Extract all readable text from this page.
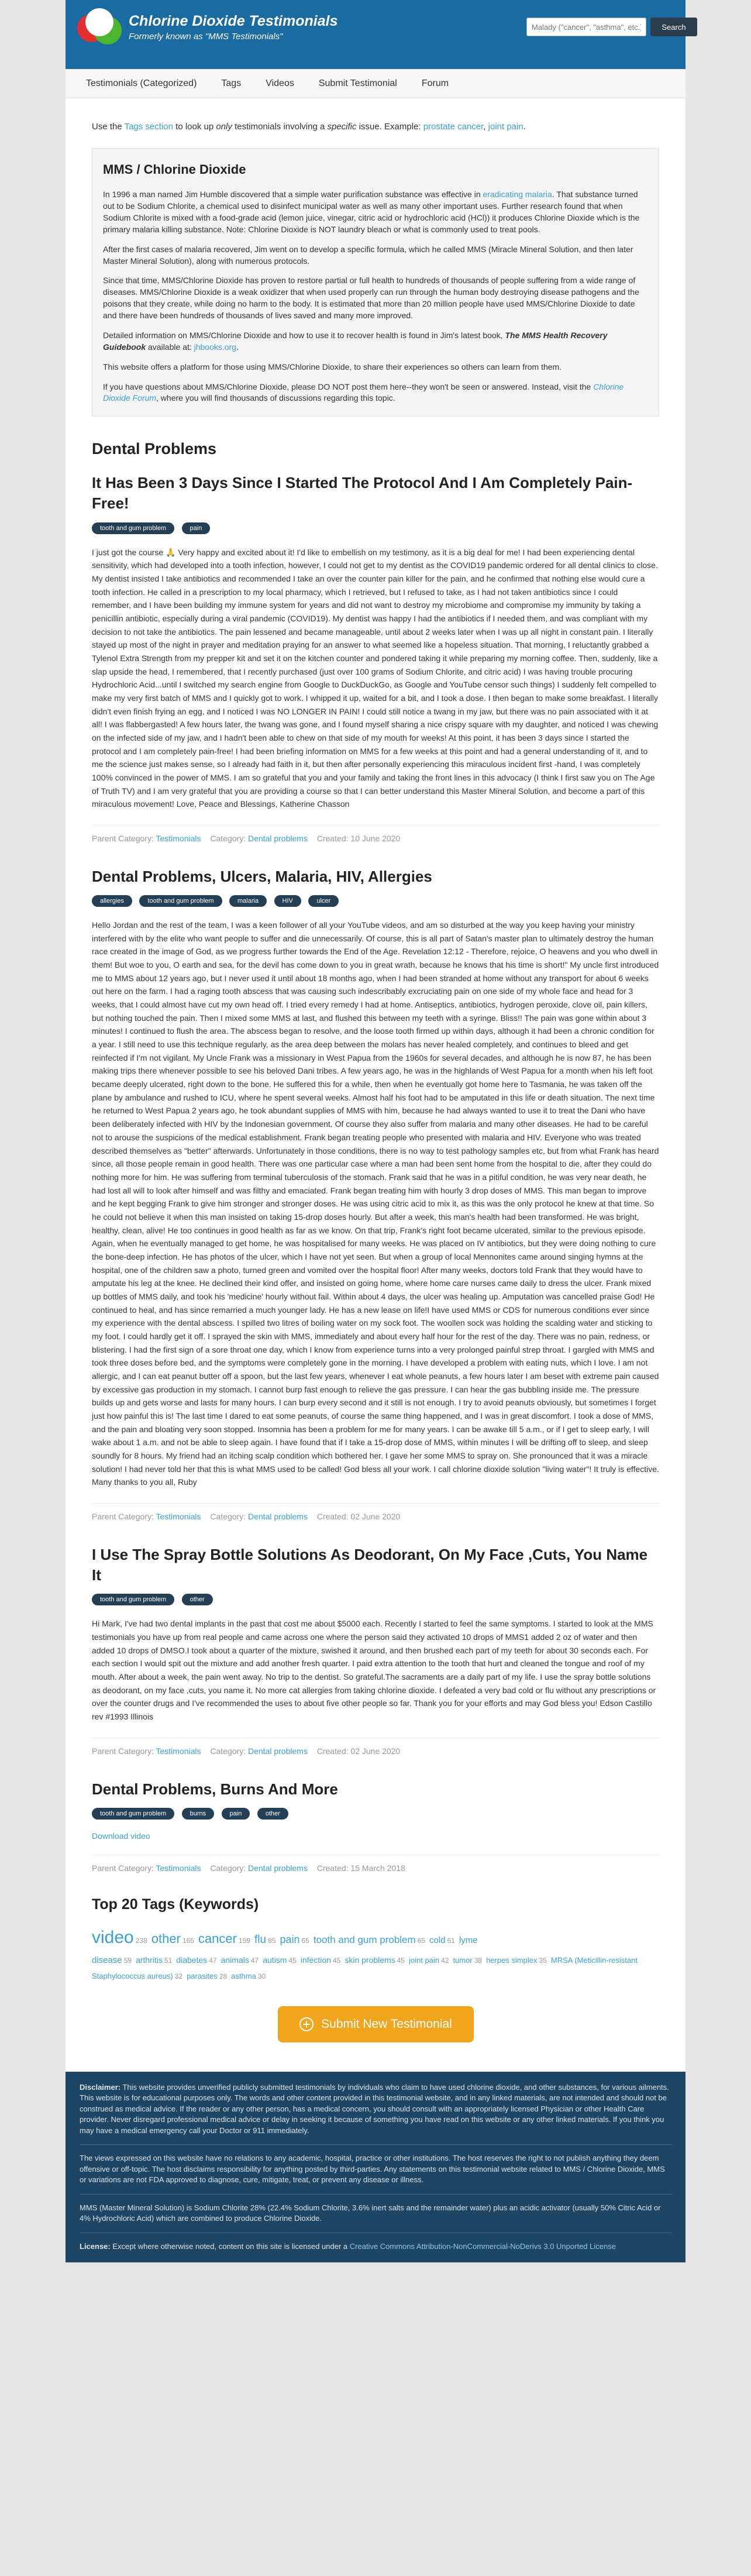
Chlorine Dioxide Testimonials
Formerly known as "MMS Testimonials"
Malady ("cancer", "asthma", etc.)
Search
Testimonials (Categorized)	Tags	Videos	Submit Testimonial	Forum

Use the Tags section to look up only testimonials involving a specific issue. Example: prostate cancer, joint pain.

MMS / Chlorine Dioxide

In 1996 a man named Jim Humble discovered that a simple water purification substance was effective in eradicating malaria. That substance turned out to be Sodium Chlorite, a chemical used to disinfect municipal water as well as many other important uses. Further research found that when Sodium Chlorite is mixed with a food-grade acid (lemon juice, vinegar, citric acid or hydrochloric acid (HCl)) it produces Chlorine Dioxide which is the primary malaria killing substance. Note: Chlorine Dioxide is NOT laundry bleach or what is commonly used to treat pools.

After the first cases of malaria recovered, Jim went on to develop a specific formula, which he called MMS (Miracle Mineral Solution, and then later Master Mineral Solution), along with numerous protocols.

Since that time, MMS/Chlorine Dioxide has proven to restore partial or full health to hundreds of thousands of people suffering from a wide range of diseases. MMS/Chlorine Dioxide is a weak oxidizer that when used properly can run through the human body destroying disease pathogens and the poisons that they create, while doing no harm to the body. It is estimated that more than 20 million people have used MMS/Chlorine Dioxide to date and there have been hundreds of thousands of lives saved and many more improved.

Detailed information on MMS/Chlorine Dioxide and how to use it to recover health is found in Jim's latest book, The MMS Health Recovery Guidebook available at: jhbooks.org.

This website offers a platform for those using MMS/Chlorine Dioxide, to share their experiences so others can learn from them.

If you have questions about MMS/Chlorine Dioxide, please DO NOT post them here--they won't be seen or answered. Instead, visit the Chlorine Dioxide Forum, where you will find thousands of discussions regarding this topic.

Dental Problems
It Has Been 3 Days Since I Started The Protocol And I Am Completely Pain-Free!
tooth and gum problem	pain
I just got the course 🙏 Very happy and excited about it! I'd like to embellish on my testimony, as it is a big deal for me! I had been experiencing dental sensitivity, which had developed into a tooth infection, however, I could not get to my dentist as the COVID19 pandemic ordered for all dental clinics to close. My dentist insisted I take antibiotics and recommended I take an over the counter pain killer for the pain, and he confirmed that nothing else would cure a tooth infection. He called in a prescription to my local pharmacy, which I retrieved, but I refused to take, as I had not taken antibiotics since I could remember, and I have been building my immune system for years and did not want to destroy my microbiome and compromise my immunity by taking a penicillin antibiotic, especially during a viral pandemic (COVID19). My dentist was happy I had the antibiotics if I needed them, and was compliant with my decision to not take the antibiotics. The pain lessened and became manageable, until about 2 weeks later when I was up all night in constant pain. I literally stayed up most of the night in prayer and meditation praying for an answer to what seemed like a hopeless situation. That morning, I reluctantly grabbed a Tylenol Extra Strength from my prepper kit and set it on the kitchen counter and pondered taking it while preparing my morning coffee. Then, suddenly, like a slap upside the head, I remembered, that I recently purchased (just over 100 grams of Sodium Chlorite, and citric acid) I was having trouble procuring Hydrochloric Acid...until I switched my search engine from Google to DuckDuckGo, as Google and YouTube censor such things) I suddenly felt compelled to make my very first batch of MMS and I quickly got to work. I whipped it up, waited for a bit, and I took a dose. I then began to make some breakfast. I literally didn't even finish frying an egg, and I noticed I was NO LONGER IN PAIN! I could still notice a twang in my jaw, but there was no pain associated with it at all! I was flabbergasted! A few hours later, the twang was gone, and I found myself sharing a nice crispy square with my daughter, and noticed I was chewing on the infected side of my jaw, and I hadn't been able to chew on that side of my mouth for weeks! At this point, it has been 3 days since I started the protocol and I am completely pain-free! I had been briefing information on MMS for a few weeks at this point and had a general understanding of it, and to me the science just makes sense, so I already had faith in it, but then after personally experiencing this miraculous incident first -hand, I was completely 100% convinced in the power of MMS. I am so grateful that you and your family and taking the front lines in this advocacy (I think I first saw you on The Age of Truth TV) and I am very grateful that you are providing a course so that I can better understand this Master Mineral Solution, and become a part of this miraculous movement! Love, Peace and Blessings, Katherine Chasson
Parent Category: Testimonials Category: Dental problems Created: 10 June 2020
Dental Problems, Ulcers, Malaria, HIV, Allergies
allergies	tooth and gum problem	malaria	HIV	ulcer
Hello Jordan and the rest of the team, I was a keen follower of all your YouTube videos, and am so disturbed at the way you keep having your ministry interfered with by the elite who want people to suffer and die unnecessarily. Of course, this is all part of Satan's master plan to ultimately destroy the human race created in the image of God, as we progress further towards the End of the Age. Revelation 12:12 - Therefore, rejoice, O heavens and you who dwell in them! But woe to you, O earth and sea, for the devil has come down to you in great wrath, because he knows that his time is short!" My uncle first introduced me to MMS about 12 years ago, but I never used it until about 18 months ago, when I had been stranded at home without any transport for about 6 weeks out here on the farm. I had a raging tooth abscess that was causing such indescribably excruciating pain on one side of my whole face and head for 3 weeks, that I could almost have cut my own head off. I tried every remedy I had at home. Antiseptics, antibiotics, hydrogen peroxide, clove oil, pain killers, but nothing touched the pain. Then I mixed some MMS at last, and flushed this between my teeth with a syringe. Bliss!! The pain was gone within about 3 minutes! I continued to flush the area. The abscess began to resolve, and the loose tooth firmed up within days, although it had been a chronic condition for a year. I still need to use this technique regularly, as the area deep between the molars has never healed completely, and continues to bleed and get reinfected if I'm not vigilant. My Uncle Frank was a missionary in West Papua from the 1960s for several decades, and although he is now 87, he has been making trips there whenever possible to see his beloved Dani tribes. A few years ago, he was in the highlands of West Papua for a month when his left foot became deeply ulcerated, right down to the bone. He suffered this for a while, then when he eventually got home here to Tasmania, he was taken off the plane by ambulance and rushed to ICU, where he spent several weeks. Almost half his foot had to be amputated in this life or death situation. The next time he returned to West Papua 2 years ago, he took abundant supplies of MMS with him, because he had always wanted to use it to treat the Dani who have been deliberately infected with HIV by the Indonesian government. Of course they also suffer from malaria and many other diseases. He had to be careful not to arouse the suspicions of the medical establishment. Frank began treating people who presented with malaria and HIV. Everyone who was treated described themselves as "better" afterwards. Unfortunately in those conditions, there is no way to test pathology samples etc, but from what Frank has heard since, all those people remain in good health. There was one particular case where a man had been sent home from the hospital to die, after they could do nothing more for him. He was suffering from terminal tuberculosis of the stomach. Frank said that he was in a pitiful condition, he was very near death, he had lost all will to look after himself and was filthy and emaciated. Frank began treating him with hourly 3 drop doses of MMS. This man began to improve and he kept begging Frank to give him stronger and stronger doses. He was using citric acid to mix it, as this was the only protocol he knew at that time. So he could not believe it when this man insisted on taking 15-drop doses hourly. But after a week, this man's health had been transformed. He was bright, healthy, clean, alive! He too continues in good health as far as we know. On that trip, Frank's right foot became ulcerated, similar to the previous episode. Again, when he eventually managed to get home, he was hospitalised for many weeks. He was placed on IV antibiotics, but they were doing nothing to cure the bone-deep infection. He has photos of the ulcer, which I have not yet seen. But when a group of local Mennonites came around singing hymns at the hospital, one of the children saw a photo, turned green and vomited over the hospital floor! After many weeks, doctors told Frank that they would have to amputate his leg at the knee. He declined their kind offer, and insisted on going home, where home care nurses came daily to dress the ulcer. Frank mixed up bottles of MMS daily, and took his 'medicine' hourly without fail. Within about 4 days, the ulcer was healing up. Amputation was cancelled praise God! He continued to heal, and has since remarried a much younger lady. He has a new lease on life!I have used MMS or CDS for numerous conditions ever since my experience with the dental abscess. I spilled two litres of boiling water on my sock foot. The woollen sock was holding the scalding water and sticking to my foot. I could hardly get it off. I sprayed the skin with MMS, immediately and about every half hour for the rest of the day. There was no pain, redness, or blistering. I had the first sign of a sore throat one day, which I know from experience turns into a very prolonged painful strep throat. I gargled with MMS and took three doses before bed, and the symptoms were completely gone in the morning. I have developed a problem with eating nuts, which I love. I am not allergic, and I can eat peanut butter off a spoon, but the last few years, whenever I eat whole peanuts, a few hours later I am beset with extreme pain caused by excessive gas production in my stomach. I cannot burp fast enough to relieve the gas pressure. I can hear the gas bubbling inside me. The pressure builds up and gets worse and lasts for many hours. I can burp every second and it still is not enough. I try to avoid peanuts obviously, but sometimes I forget just how painful this is! The last time I dared to eat some peanuts, of course the same thing happened, and I was in great discomfort. I took a dose of MMS, and the pain and bloating very soon stopped. Insomnia has been a problem for me for many years. I can be awake till 5 a.m., or if I get to sleep early, I will wake about 1 a.m. and not be able to sleep again. I have found that if I take a 15-drop dose of MMS, within minutes I will be drifting off to sleep, and sleep soundly for 8 hours. My friend had an itching scalp condition which bothered her. I gave her some MMS to spray on. She pronounced that it was a miracle solution! I had never told her that this is what MMS used to be called! God bless all your work. I call chlorine dioxide solution "living water"! It truly is effective. Many thanks to you all, Ruby
Parent Category: Testimonials Category: Dental problems Created: 02 June 2020
I Use The Spray Bottle Solutions As Deodorant, On My Face ,Cuts, You Name It
tooth and gum problem	other
Hi Mark, I've had two dental implants in the past that cost me about $5000 each. Recently I started to feel the same symptoms. I started to look at the MMS testimonials you have up from real people and came across one where the person said they activated 10 drops of MMS1 added 2 oz of water and then added 10 drops of DMSO.I took about a quarter of the mixture, swished it around, and then brushed each part of my teeth for about 30 seconds each. For each section I would spit out the mixture and add another fresh quarter. I paid extra attention to the tooth that hurt and cleaned the tongue and roof of my mouth. After about a week, the pain went away. No trip to the dentist. So grateful.The sacraments are a daily part of my life. I use the spray bottle solutions as deodorant, on my face ,cuts, you name it. No more cat allergies from taking chlorine dioxide. I defeated a very bad cold or flu without any prescriptions or over the counter drugs and I've recommended the uses to about five other people so far. Thank you for your efforts and may God bless you! Edson Castillo rev #1993 Illinois
Parent Category: Testimonials Category: Dental problems Created: 02 June 2020
Dental Problems, Burns And More
tooth and gum problem	burns	pain	other
Download video
Parent Category: Testimonials Category: Dental problems Created: 15 March 2018
Top 20 Tags (Keywords)
video 238 other 165 cancer 159 flu 85 pain 65 tooth and gum problem 65 cold 61 lyme disease 59 arthritis 51 diabetes 47 animals 47 autism 45 infection 45 skin problems 45 joint pain 42 tumor 38 herpes simplex 35 MRSA (Meticillin-resistant Staphylococcus aureus) 32 parasites 28 asthma 30
Submit New Testimonial

Disclaimer: This website provides unverified publicly submitted testimonials by individuals who claim to have used chlorine dioxide, and other substances, for various ailments. This website is for educational purposes only. The words and other content provided in this testimonial website, and in any linked materials, are not intended and should not be construed as medical advice. If the reader or any other person, has a medical concern, you should consult with an appropriately licensed Physician or other Health Care provider. Never disregard professional medical advice or delay in seeking it because of something you have read on this website or any other linked materials. If you think you may have a medical emergency call your Doctor or 911 immediately.

The views expressed on this website have no relations to any academic, hospital, practice or other institutions. The host reserves the right to not publish anything they deem offensive or off-topic. The host disclaims responsibility for anything posted by third-parties. Any statements on this testimonial website related to MMS / Chlorine Dioxide, MMS or variations are not FDA approved to diagnose, cure, mitigate, treat, or prevent any disease or illness.

MMS (Master Mineral Solution) is Sodium Chlorite 28% (22.4% Sodium Chlorite, 3.6% inert salts and the remainder water) plus an acidic activator (usually 50% Citric Acid or 4% Hydrochloric Acid) which are combined to produce Chlorine Dioxide.

License: Except where otherwise noted, content on this site is licensed under a Creative Commons Attribution-NonCommercial-NoDerivs 3.0 Unported License
